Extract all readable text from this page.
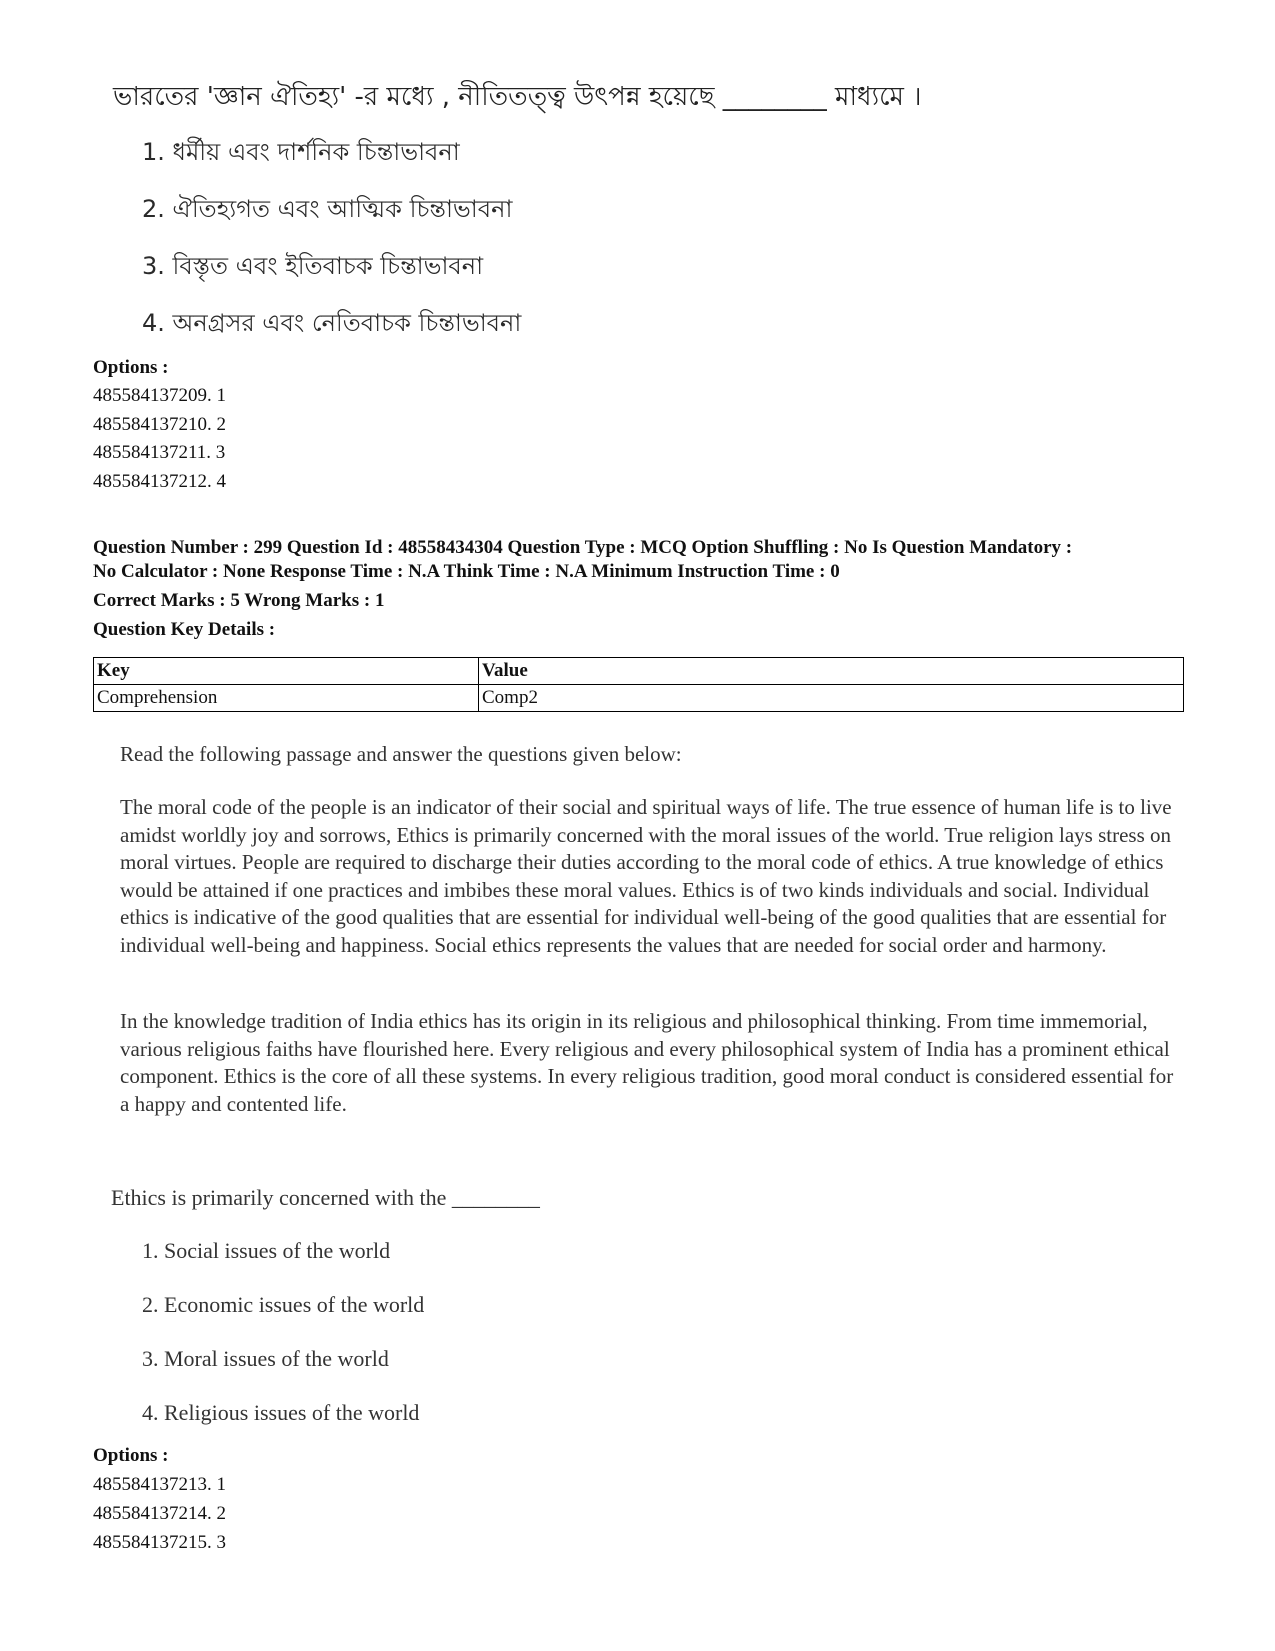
ভারতের 'জ্ঞান ঐতিহ্য' -র মধ্যে , নীতিতত্ত্ব উৎপন্ন হয়েছে ________ মাধ্যমে ।
1. ধর্মীয় এবং দার্শনিক চিন্তাভাবনা
2. ঐতিহ্যগত এবং আত্মিক চিন্তাভাবনা
3. বিস্তৃত এবং ইতিবাচক চিন্তাভাবনা
4. অনগ্রসর এবং নেতিবাচক চিন্তাভাবনা
Options :
485584137209. 1
485584137210. 2
485584137211. 3
485584137212. 4
Question Number : 299 Question Id : 48558434304 Question Type : MCQ Option Shuffling : No Is Question Mandatory :
No Calculator : None Response Time : N.A Think Time : N.A Minimum Instruction Time : 0
Correct Marks : 5 Wrong Marks : 1
Question Key Details :
Key	Value
Comprehension	Comp2
Read the following passage and answer the questions given below:
The moral code of the people is an indicator of their social and spiritual ways of life. The true essence of human life is to live amidst worldly joy and sorrows, Ethics is primarily concerned with the moral issues of the world. True religion lays stress on moral virtues. People are required to discharge their duties according to the moral code of ethics. A true knowledge of ethics would be attained if one practices and imbibes these moral values. Ethics is of two kinds individuals and social. Individual ethics is indicative of the good qualities that are essential for individual well-being of the good qualities that are essential for individual well-being and happiness. Social ethics represents the values that are needed for social order and harmony.
In the knowledge tradition of India ethics has its origin in its religious and philosophical thinking. From time immemorial, various religious faiths have flourished here. Every religious and every philosophical system of India has a prominent ethical component. Ethics is the core of all these systems. In every religious tradition, good moral conduct is considered essential for a happy and contented life.
Ethics is primarily concerned with the ________
1. Social issues of the world
2. Economic issues of the world
3. Moral issues of the world
4. Religious issues of the world
Options :
485584137213. 1
485584137214. 2
485584137215. 3
